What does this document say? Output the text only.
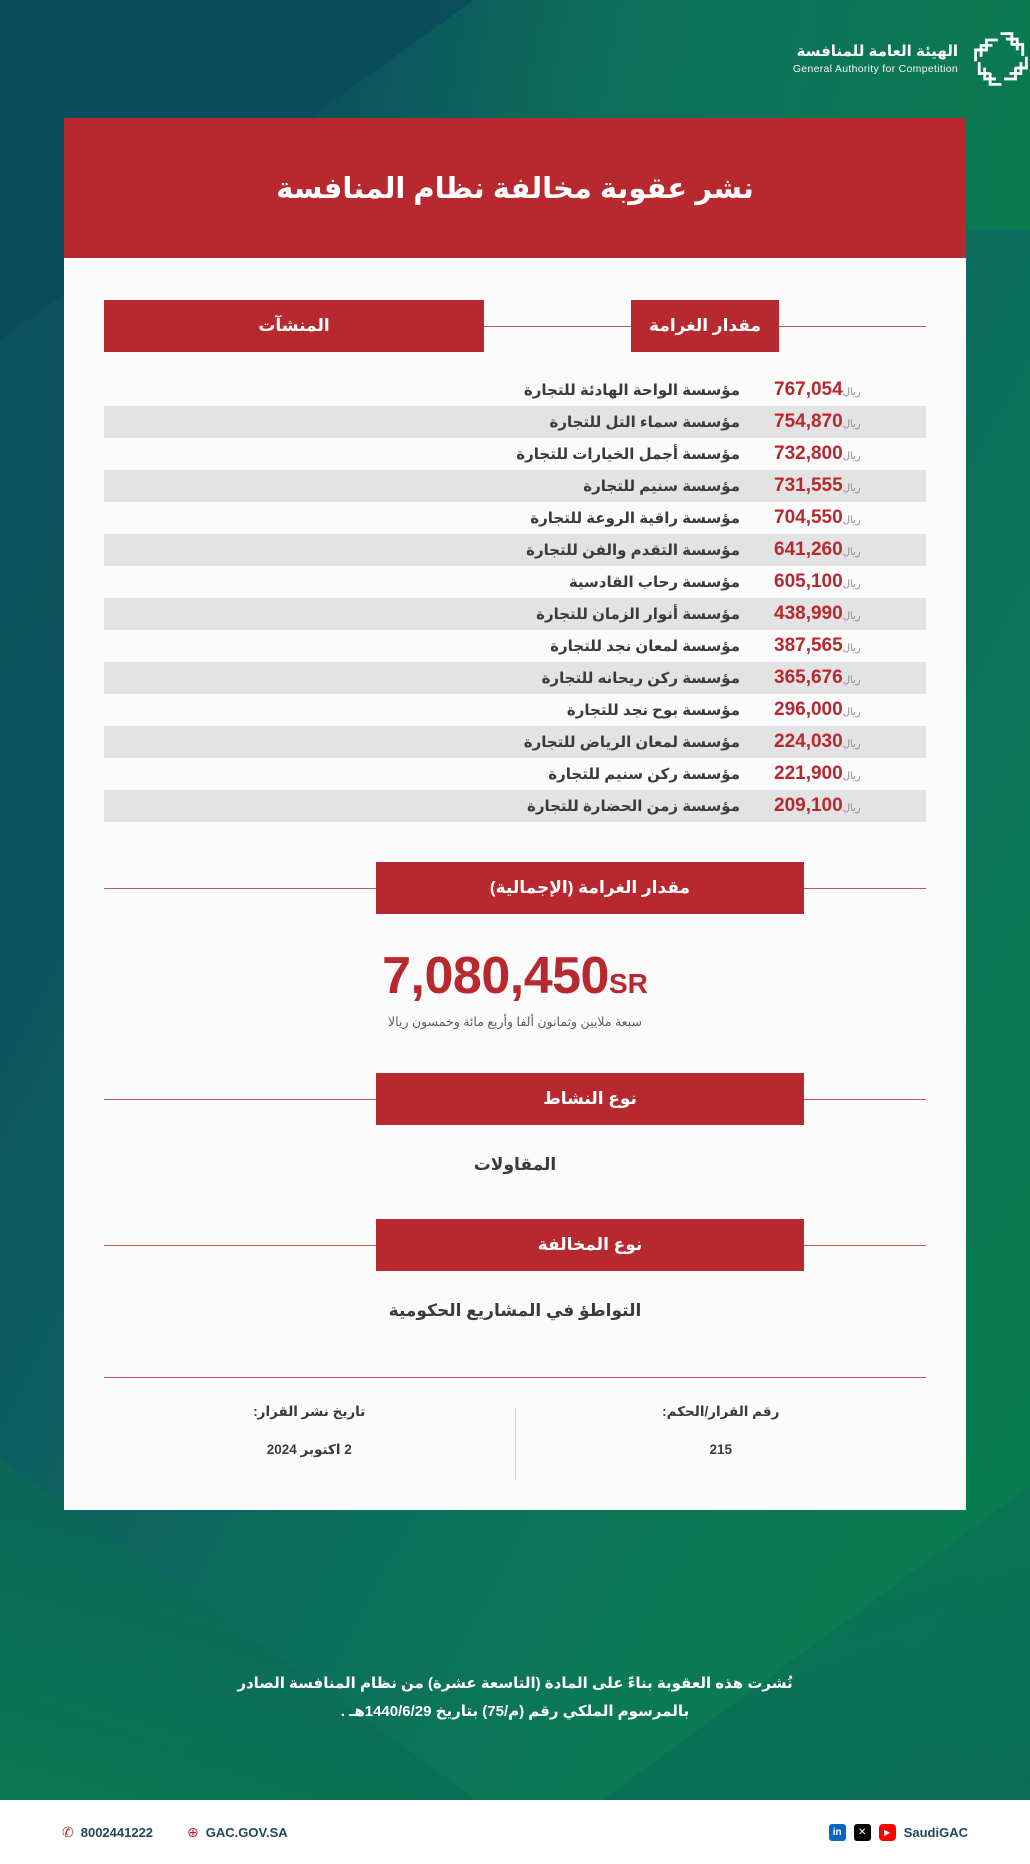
الهيئة العامة للمنافسة
General Authority for Competition
نشر عقوبة مخالفة نظام المنافسة
مقدار الغرامة
المنشآت
ريال767,054	مؤسسة الواحة الهادئة للتجارة
ريال754,870	مؤسسة سماء التل للتجارة
ريال732,800	مؤسسة أجمل الخيارات للتجارة
ريال731,555	مؤسسة سنيم للتجارة
ريال704,550	مؤسسة راقية الروعة للتجارة
ريال641,260	مؤسسة التقدم والفن للتجارة
ريال605,100	مؤسسة رحاب القادسية
ريال438,990	مؤسسة أنوار الزمان للتجارة
ريال387,565	مؤسسة لمعان نجد للتجارة
ريال365,676	مؤسسة ركن ريحانه للتجارة
ريال296,000	مؤسسة بوح نجد للتجارة
ريال224,030	مؤسسة لمعان الرياض للتجارة
ريال221,900	مؤسسة ركن سنيم للتجارة
ريال209,100	مؤسسة زمن الحضارة للتجارة
مقدار الغرامة (الإجمالية)
7,080,450SR
سبعة ملايين وثمانون ألفا وأربع مائة وخمسون ريالا
نوع النشاط
المقاولات
نوع المخالفة
التواطؤ في المشاريع الحكومية
رقم القرار/الحكم:
215
تاريخ نشر القرار:
2 اكتوبر 2024
نُشرت هذه العقوبة بناءً على المادة (التاسعة عشرة) من نظام المنافسة الصادر
بالمرسوم الملكي رقم (م/75) بتاريخ 1440/6/29هـ .
in	✕	▶	SaudiGAC
✆ 8002441222 ⊕ GAC.GOV.SA
